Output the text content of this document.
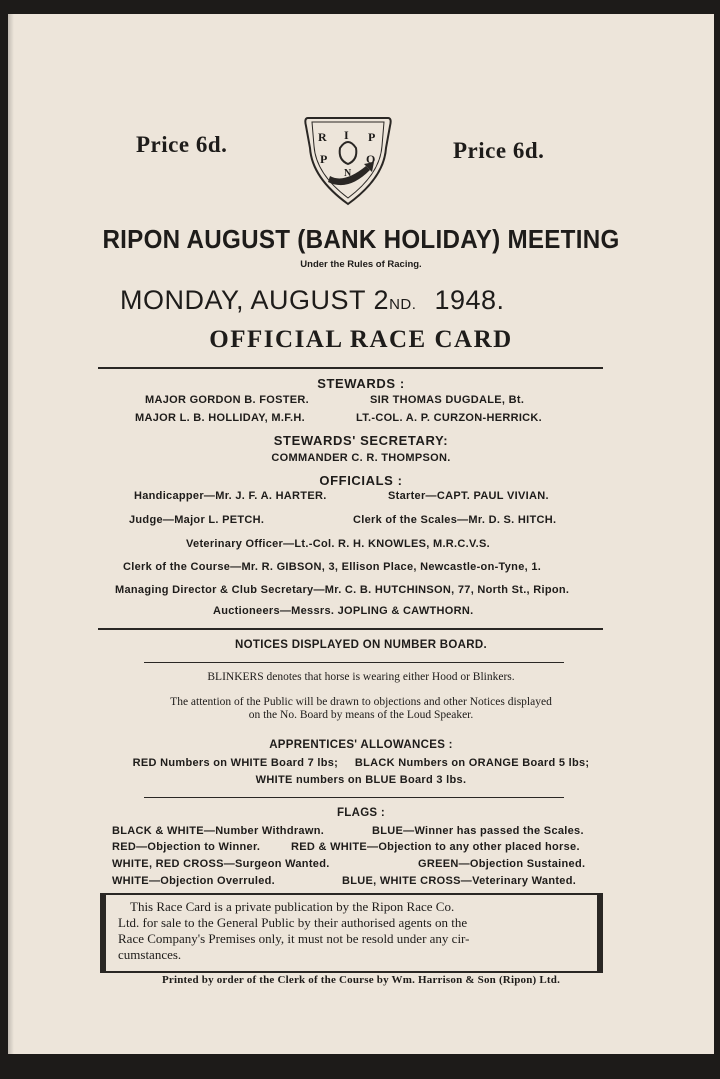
Price 6d.	Price 6d.
R I P
P	O
N
RIPON AUGUST (BANK HOLIDAY) MEETING
Under the Rules of Racing.
MONDAY, AUGUST 2ND. 1948.
OFFICIAL RACE CARD
STEWARDS :
MAJOR GORDON B. FOSTER.	SIR THOMAS DUGDALE, Bt.
MAJOR L. B. HOLLIDAY, M.F.H.	LT.-COL. A. P. CURZON-HERRICK.
STEWARDS' SECRETARY:
COMMANDER C. R. THOMPSON.
OFFICIALS :
Handicapper—Mr. J. F. A. HARTER.	Starter—CAPT. PAUL VIVIAN.
Judge—Major L. PETCH.	Clerk of the Scales—Mr. D. S. HITCH.
Veterinary Officer—Lt.-Col. R. H. KNOWLES, M.R.C.V.S.
Clerk of the Course—Mr. R. GIBSON, 3, Ellison Place, Newcastle-on-Tyne, 1.
Managing Director & Club Secretary—Mr. C. B. HUTCHINSON, 77, North St., Ripon.
Auctioneers—Messrs. JOPLING & CAWTHORN.
NOTICES DISPLAYED ON NUMBER BOARD.
BLINKERS denotes that horse is wearing either Hood or Blinkers.
The attention of the Public will be drawn to objections and other Notices displayed
on the No. Board by means of the Loud Speaker.
APPRENTICES' ALLOWANCES :
RED Numbers on WHITE Board 7 lbs;     BLACK Numbers on ORANGE Board 5 lbs;
WHITE numbers on BLUE Board 3 lbs.
FLAGS :
BLACK & WHITE—Number Withdrawn.	BLUE—Winner has passed the Scales.
RED—Objection to Winner.	RED & WHITE—Objection to any other placed horse.
WHITE, RED CROSS—Surgeon Wanted.	GREEN—Objection Sustained.
WHITE—Objection Overruled.	BLUE, WHITE CROSS—Veterinary Wanted.
This Race Card is a private publication by the Ripon Race Co.
Ltd. for sale to the General Public by their authorised agents on the
Race Company's Premises only, it must not be resold under any cir-
cumstances.
Printed by order of the Clerk of the Course by Wm. Harrison & Son (Ripon) Ltd.
